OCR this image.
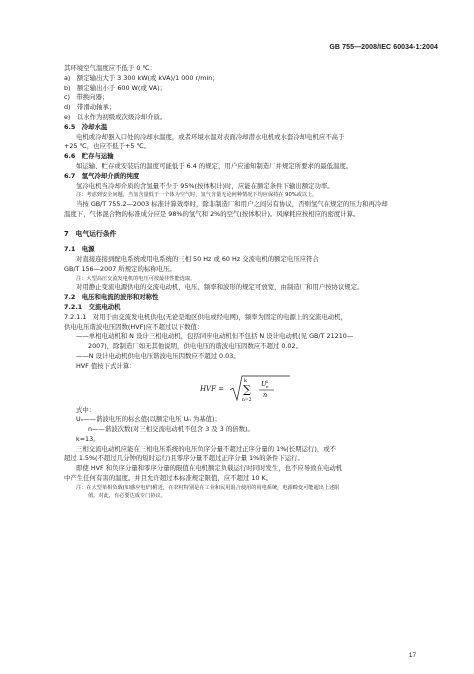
GB 755—2008/IEC 60034-1:2004
其环境空气温度应不低于 0 ℃：
a)　额定输出大于 3 300 kW(或 kVA)/1 000 r/min；
b)　额定输出小于 600 W(或 VA)；
c)　带换向器；
d)　带滑动轴承；
e)　以水作为初级或次级冷却介质。
6.5　冷却水温
电机或冷却器入口处的冷却水温度，或者环境水温对表面冷却潜水电机或水套冷却电机应不高于
+25 ℃，也应不低于+5 ℃。
6.6　贮存与运输
如运输、贮存或安装后的温度可能低于 6.4 的规定，用户应通知制造厂并规定所要求的最低温度。
6.7　氢气冷却介质的纯度
氢冷电机当冷却介质的含氢量不少于 95%(按体积计)时，应能在额定条件下输出额定功率。
注：考虑到安全问题，当氢含量低于一个体为空气时，氢气含量无论何种情况下均应保持在 90%或以上。
当按 GB/T 755.2—2003 标准计算效率时，除非制造厂和用户之间另有协议，否则氢气在规定的压力和再冷却
温度下，气体混合物的标准成分应是 98%的氢气和 2%的空气(按体积计)。风摩耗应按相应的密度计算。
7　电气运行条件
7.1　电源
对直接连接到配电系统或用电系统的三相 50 Hz 或 60 Hz 交流电机的额定电压应符合
GB/T 156—2007 所规定的标称电压。
注：大型高压交流发电机的电压可按最佳性能选取。
对用静止变流电源供电的交流电动机，电压、频率和波形的规定可放宽，由制造厂和用户按协议规定。
7.2　电压和电流的波形和对称性
7.2.1　交流电动机
7.2.1.1　对用于由交流发电机供电(无论是地区供电或经电网)，频率为固定的电源上的交流电动机，
供电电压谐波电压因数(HVF)应不超过以下数值：
——单相电动机和 N 设计三相电动机，包括同步电动机但不包括 N 设计电动机(见 GB/T 21210—
2007)，除制造厂如无其他说明，供电电压的谐波电压因数应不超过 0.02。
——N 设计电动机供电电压谐波电压因数应不超过 0.03。
HVF 值按下式计算：
HVF =
k
∑
n=2
U 2
n
n
式中：
Uₙ——谐波电压的标幺值(以额定电压 Uₙ 为基值)；
n——谐波次数(对三相交流电动机不包含 3 及 3 的倍数)。
k=13。
三相交流电动机应能在三相电压系统的电压负序分量不超过正序分量的 1%(长期运行)，或不
超过 1.5%(不超过几分钟的短时运行)且零序分量不超过正序分量 1%的条件下运行。
即使 HVF 和负序分量和零序分量的限值在电机额定负载运行时同时发生，也不应导致在电动机
中产生任何有害的温度。并且允许超过本标准规定限值，应不超过 10 K。
注：在大型单相负载(如感应电炉)附近，在农村特别是在工业和民用混合使用的用电系统，电源畸变可能超出上述限
值。对此，有必要达成专门协议。
17
